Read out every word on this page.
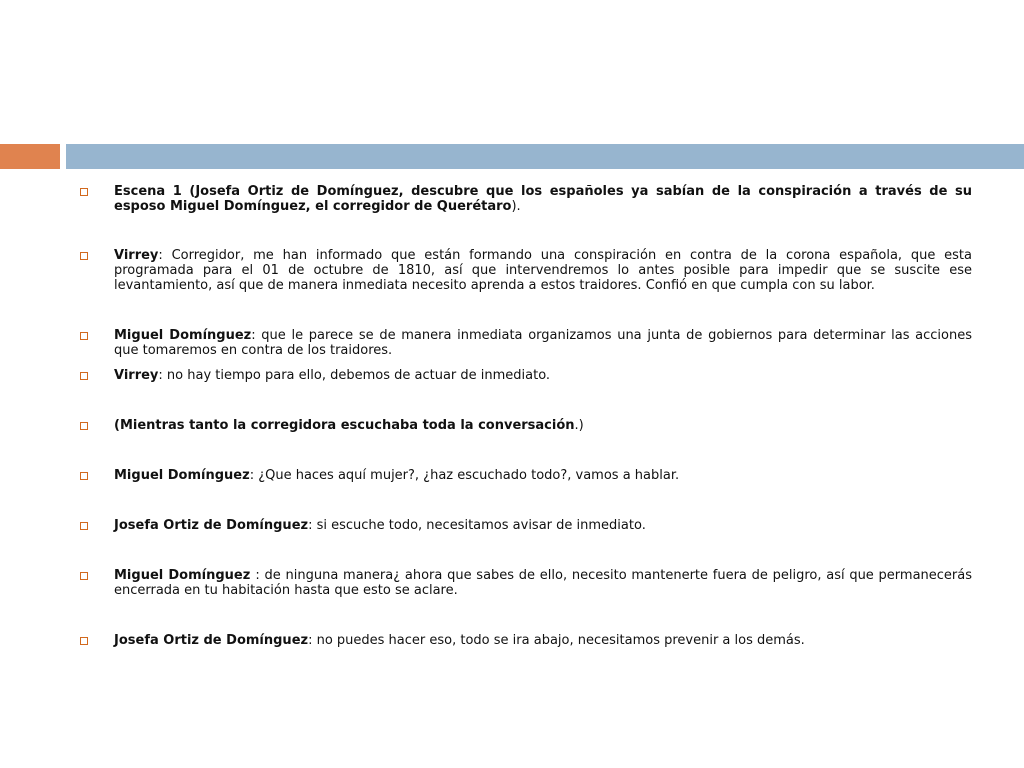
Escena 1 (Josefa Ortiz de Domínguez, descubre que los españoles ya sabían de la conspiración a través de su esposo Miguel Domínguez, el corregidor de Querétaro).
Virrey: Corregidor, me han informado que están formando una conspiración en contra de la corona española, que esta programada para el 01 de octubre de 1810, así que intervendremos lo antes posible para impedir que se suscite ese levantamiento, así que de manera inmediata necesito aprenda a estos traidores. Confió en que cumpla con su labor.
Miguel Domínguez: que le parece se de manera inmediata organizamos una junta de gobiernos para determinar las acciones que tomaremos en contra de los traidores.
Virrey: no hay tiempo para ello, debemos de actuar de inmediato.
(Mientras tanto la corregidora escuchaba toda la conversación.)
Miguel Domínguez: ¿Que haces aquí mujer?, ¿haz escuchado todo?, vamos a hablar.
Josefa Ortiz de Domínguez: si escuche todo, necesitamos avisar de inmediato.
Miguel Domínguez : de ninguna manera¿ ahora que sabes de ello, necesito mantenerte fuera de peligro, así que permanecerás encerrada en tu habitación hasta que esto se aclare.
Josefa Ortiz de Domínguez: no puedes hacer eso, todo se ira abajo, necesitamos prevenir a los demás.
